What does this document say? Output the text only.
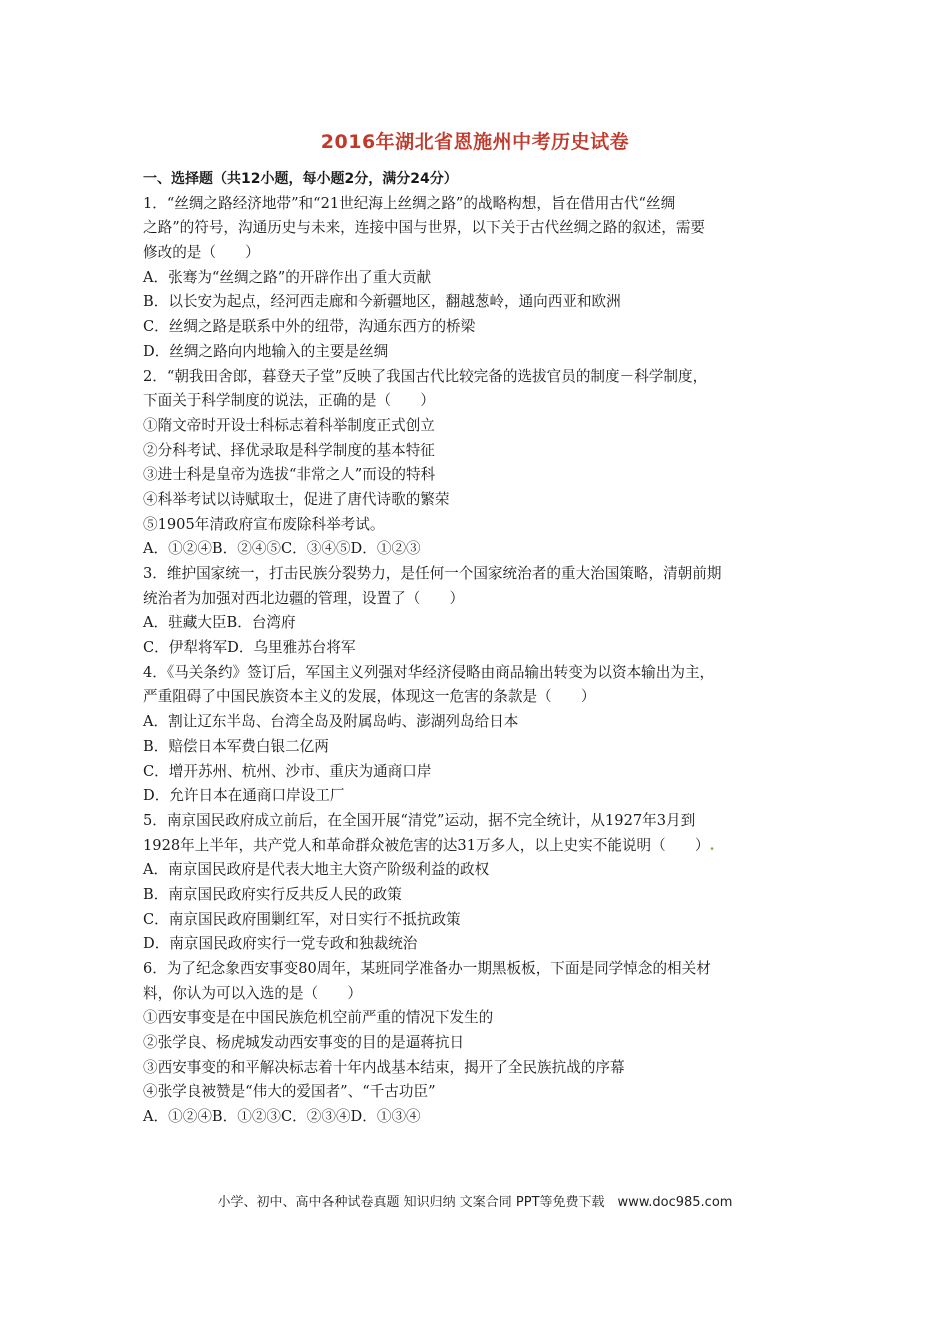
2016年湖北省恩施州中考历史试卷
一、选择题（共12小题，每小题2分，满分24分）
1．“丝绸之路经济地带”和“21世纪海上丝绸之路”的战略构想，旨在借用古代“丝绸
之路”的符号，沟通历史与未来，连接中国与世界，以下关于古代丝绸之路的叙述，需要
修改的是（　　）
A．张骞为“丝绸之路”的开辟作出了重大贡献
B．以长安为起点，经河西走廊和今新疆地区，翻越葱岭，通向西亚和欧洲
C．丝绸之路是联系中外的纽带，沟通东西方的桥梁
D．丝绸之路向内地输入的主要是丝绸
2．“朝我田舍郎，暮登天子堂”反映了我国古代比较完备的选拔官员的制度－科学制度，
下面关于科学制度的说法，正确的是（　　）
①隋文帝时开设士科标志着科举制度正式创立
②分科考试、择优录取是科学制度的基本特征
③进士科是皇帝为选拔“非常之人”而设的特科
④科举考试以诗赋取士，促进了唐代诗歌的繁荣
⑤1905年清政府宣布废除科举考试。
A．①②④B．②④⑤C．③④⑤D．①②③
3．维护国家统一，打击民族分裂势力，是任何一个国家统治者的重大治国策略，清朝前期
统治者为加强对西北边疆的管理，设置了（　　）
A．驻藏大臣B．台湾府
C．伊犁将军D．乌里雅苏台将军
4．《马关条约》签订后，军国主义列强对华经济侵略由商品输出转变为以资本输出为主，
严重阻碍了中国民族资本主义的发展，体现这一危害的条款是（　　）
A．割让辽东半岛、台湾全岛及附属岛屿、澎湖列岛给日本
B．赔偿日本军费白银二亿两
C．增开苏州、杭州、沙市、重庆为通商口岸
D．允许日本在通商口岸设工厂
5．南京国民政府成立前后，在全国开展“清党”运动，据不完全统计，从1927年3月到
1928年上半年，共产党人和革命群众被危害的达31万多人，以上史实不能说明（　　）.
A．南京国民政府是代表大地主大资产阶级利益的政权
B．南京国民政府实行反共反人民的政策
C．南京国民政府围剿红军，对日实行不抵抗政策
D．南京国民政府实行一党专政和独裁统治
6．为了纪念象西安事变80周年，某班同学准备办一期黑板板，下面是同学悼念的相关材
料，你认为可以入选的是（　　）
①西安事变是在中国民族危机空前严重的情况下发生的
②张学良、杨虎城发动西安事变的目的是逼蒋抗日
③西安事变的和平解决标志着十年内战基本结束，揭开了全民族抗战的序幕
④张学良被赞是“伟大的爱国者”、“千古功臣”
A．①②④B．①②③C．②③④D．①③④
小学、初中、高中各种试卷真题 知识归纳 文案合同 PPT等免费下载　www.doc985.com
